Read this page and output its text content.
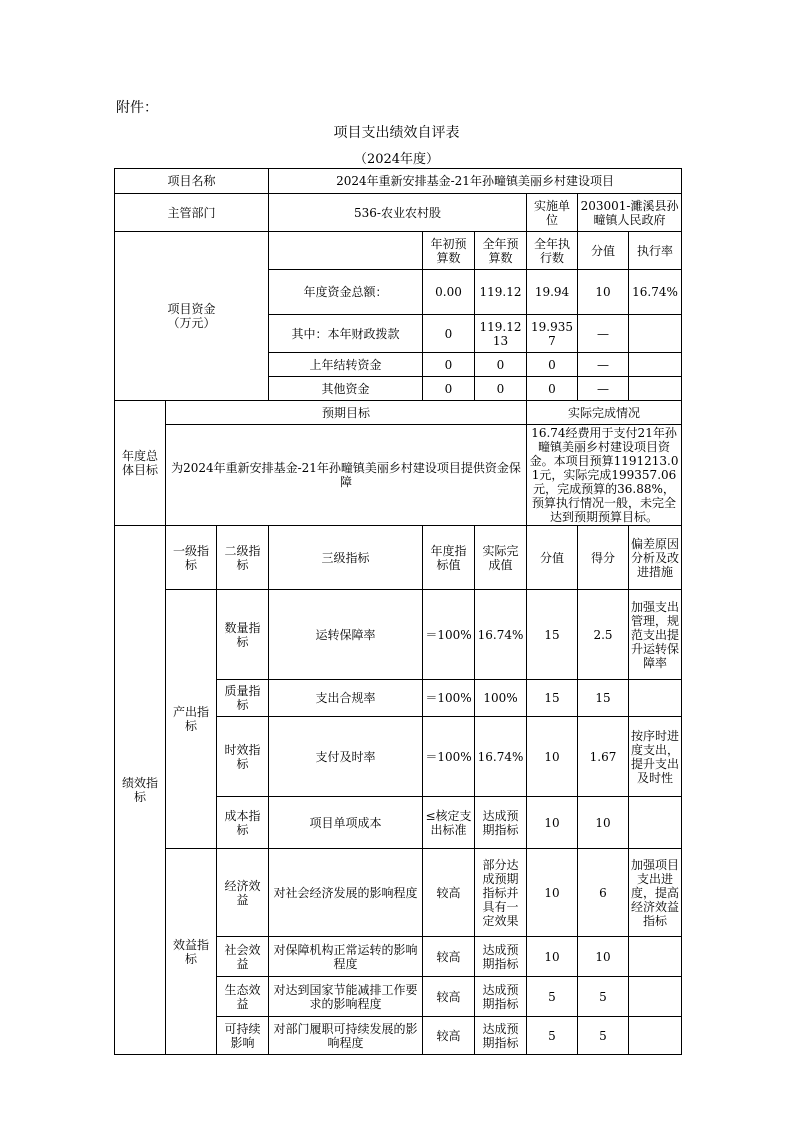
附件：
项目支出绩效自评表
（2024年度）
项目名称			2024年重新安排基金-21年孙疃镇美丽乡村建设项目						
主管部门			536-农业农村股			实施单位	203001-濉溪县孙疃镇人民政府		
项目资金
（万元）				年初预算数	全年预算数	全年执行数	分值	执行率	
			年度资金总额：	0.00	119.12	19.94	10	16.74%	
			其中：本年财政拨款	0	119.1213	19.9357	—		
			上年结转资金	0	0	0	—		
			其他资金	0	0	0	—		
年度总体目标	预期目标					实际完成情况			
	为2024年重新安排基金-21年孙疃镇美丽乡村建设项目提供资金保障					16.74经费用于支付21年孙疃镇美丽乡村建设项目资金。本项目预算1191213.01元，实际完成199357.06元，完成预算的36.88%，预算执行情况一般，未完全达到预期预算目标。			
绩效指标	一级指标	二级指标	三级指标	年度指标值	实际完成值	分值	得分	偏差原因分析及改进措施	
	产出指标	数量指标	运转保障率	＝100%	16.74%	15	2.5	加强支出管理，规范支出提升运转保障率	
		质量指标	支出合规率	＝100%	100%	15	15		
		时效指标	支付及时率	＝100%	16.74%	10	1.67	按序时进度支出，提升支出及时性	
		成本指标	项目单项成本	≤核定支出标准	达成预期指标	10	10		
	效益指标	经济效益	对社会经济发展的影响程度	较高	部分达成预期指标并具有一定效果	10	6	加强项目支出进度，提高经济效益指标	
		社会效益	对保障机构正常运转的影响程度	较高	达成预期指标	10	10		
		生态效益	对达到国家节能减排工作要求的影响程度	较高	达成预期指标	5	5		
		可持续影响	对部门履职可持续发展的影响程度	较高	达成预期指标	5	5		
